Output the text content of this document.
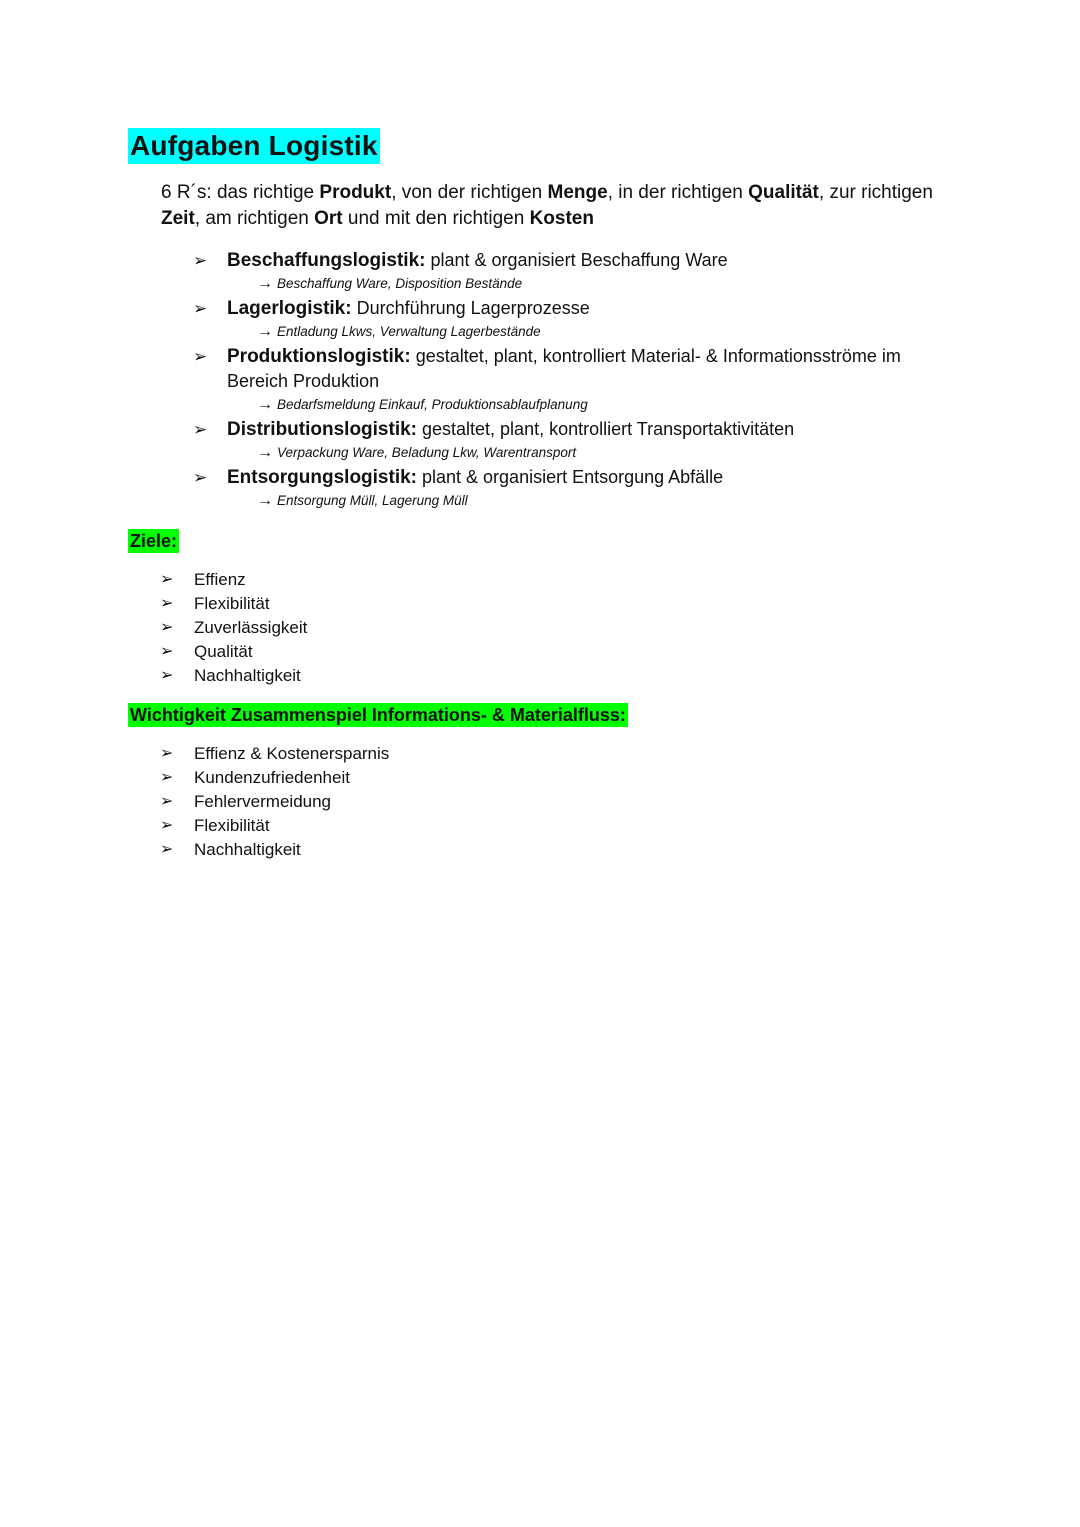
Aufgaben Logistik
6 R´s: das richtige Produkt, von der richtigen Menge, in der richtigen Qualität, zur richtigen Zeit, am richtigen Ort und mit den richtigen Kosten
➢ Beschaffungslogistik: plant & organisiert Beschaffung Ware
→ Beschaffung Ware, Disposition Bestände
➢ Lagerlogistik: Durchführung Lagerprozesse
→ Entladung Lkws, Verwaltung Lagerbestände
➢ Produktionslogistik: gestaltet, plant, kontrolliert Material- & Informationsströme im Bereich Produktion
→ Bedarfsmeldung Einkauf, Produktionsablaufplanung
➢ Distributionslogistik: gestaltet, plant, kontrolliert Transportaktivitäten
→ Verpackung Ware, Beladung Lkw, Warentransport
➢ Entsorgungslogistik: plant & organisiert Entsorgung Abfälle
→ Entsorgung Müll, Lagerung Müll
Ziele:
➢ Effienz
➢ Flexibilität
➢ Zuverlässigkeit
➢ Qualität
➢ Nachhaltigkeit
Wichtigkeit Zusammenspiel Informations- & Materialfluss:
➢ Effienz & Kostenersparnis
➢ Kundenzufriedenheit
➢ Fehlervermeidung
➢ Flexibilität
➢ Nachhaltigkeit
